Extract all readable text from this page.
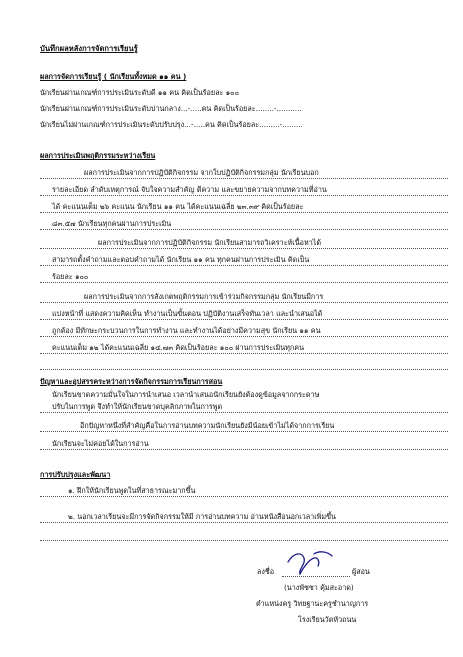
บันทึกผลหลังการจัดการเรียนรู้
ผลการจัดการเรียนรู้ ( นักเรียนทั้งหมด ๑๑ คน )
นักเรียนผ่านเกณฑ์การประเมินระดับดี ๑๑ คน คิดเป็นร้อยละ ๑๐๐
นักเรียนผ่านเกณฑ์การประเมินระดับปานกลาง...-.....คน คิดเป็นร้อยละ........-...........
นักเรียนไม่ผ่านเกณฑ์การประเมินระดับปรับปรุง...-.....คน คิดเป็นร้อยละ.........-.........
ผลการประเมินพฤติกรรมระหว่างเรียน
ผลการประเมินจากการปฏิบัติกิจกรรม จากใบปฏิบัติกิจกรรมกลุ่ม นักเรียนบอก
รายละเอียด ลำดับเหตุการณ์ จับใจความสำคัญ ตีความ และขยายความจากบทความที่อ่าน
ได้ คะแนนเต็ม ๒๖ คะแนน นักเรียน ๑๑ คน ได้คะแนนเฉลี่ย ๒๓.๓๙ คิดเป็นร้อยละ
๘๓.๕๗ นักเรียนทุกคนผ่านการประเมิน
ผลการประเมินจากการปฏิบัติกิจกรรม นักเรียนสามารถวิเคราะห์เนื้อหาได้
สามารถตั้งคำถามและตอบคำถามได้ นักเรียน ๑๑ คน ทุกคนผ่านการประเมิน คิดเป็น
ร้อยละ ๑๐๐
ผลการประเมินจากการสังเกตพฤติกรรมการเข้าร่วมกิจกรรมกลุ่ม นักเรียนมีการ
แบ่งหน้าที่ แสดงความคิดเห็น ทำงานเป็นขั้นตอน ปฏิบัติงานเสร็จทันเวลา และนำเสนอได้
ถูกต้อง มีทักษะกระบวนการในการทำงาน และทำงานได้อย่างมีความสุข นักเรียน ๑๑ คน
คะแนนเต็ม ๑๒ ได้คะแนนเฉลี่ย ๑๔.๗๓ คิดเป็นร้อยละ ๑๐๐ ผ่านการประเมินทุกคน
ปัญหาและอุปสรรคระหว่างการจัดกิจกรรมการเรียนการสอน
นักเรียนขาดความมั่นใจในการนำเสนอ เวลานำเสนอนักเรียนยังต้องดูข้อมูลจากกระดาษ
ปรับในการพูด จึงทำให้นักเรียนขาดบุคลิกภาพในการพูด
อีกปัญหาหนึ่งที่สำคัญคือในการอ่านบทความนักเรียนยังมีน้อยเข้าไม่ได้จากการเรียน
นักเรียนจะไม่ค่อยได้ในการอ่าน
การปรับปรุงและพัฒนา
๑. ฝึกให้นักเรียนพูดในที่สาธารณะมากขึ้น
๒. นอกเวลาเรียนจะมีการจัดกิจกรรมให้มี การอ่านบทความ อ่านหนังสือนอกเวลาเพิ่มขึ้น
ลงชื่อ	ผู้สอน
(นางพัชชา คุ้มสะอาด)
ตำแหน่งครู วิทยฐานะครูชำนาญการ
โรงเรียนวัดหัวถนน
